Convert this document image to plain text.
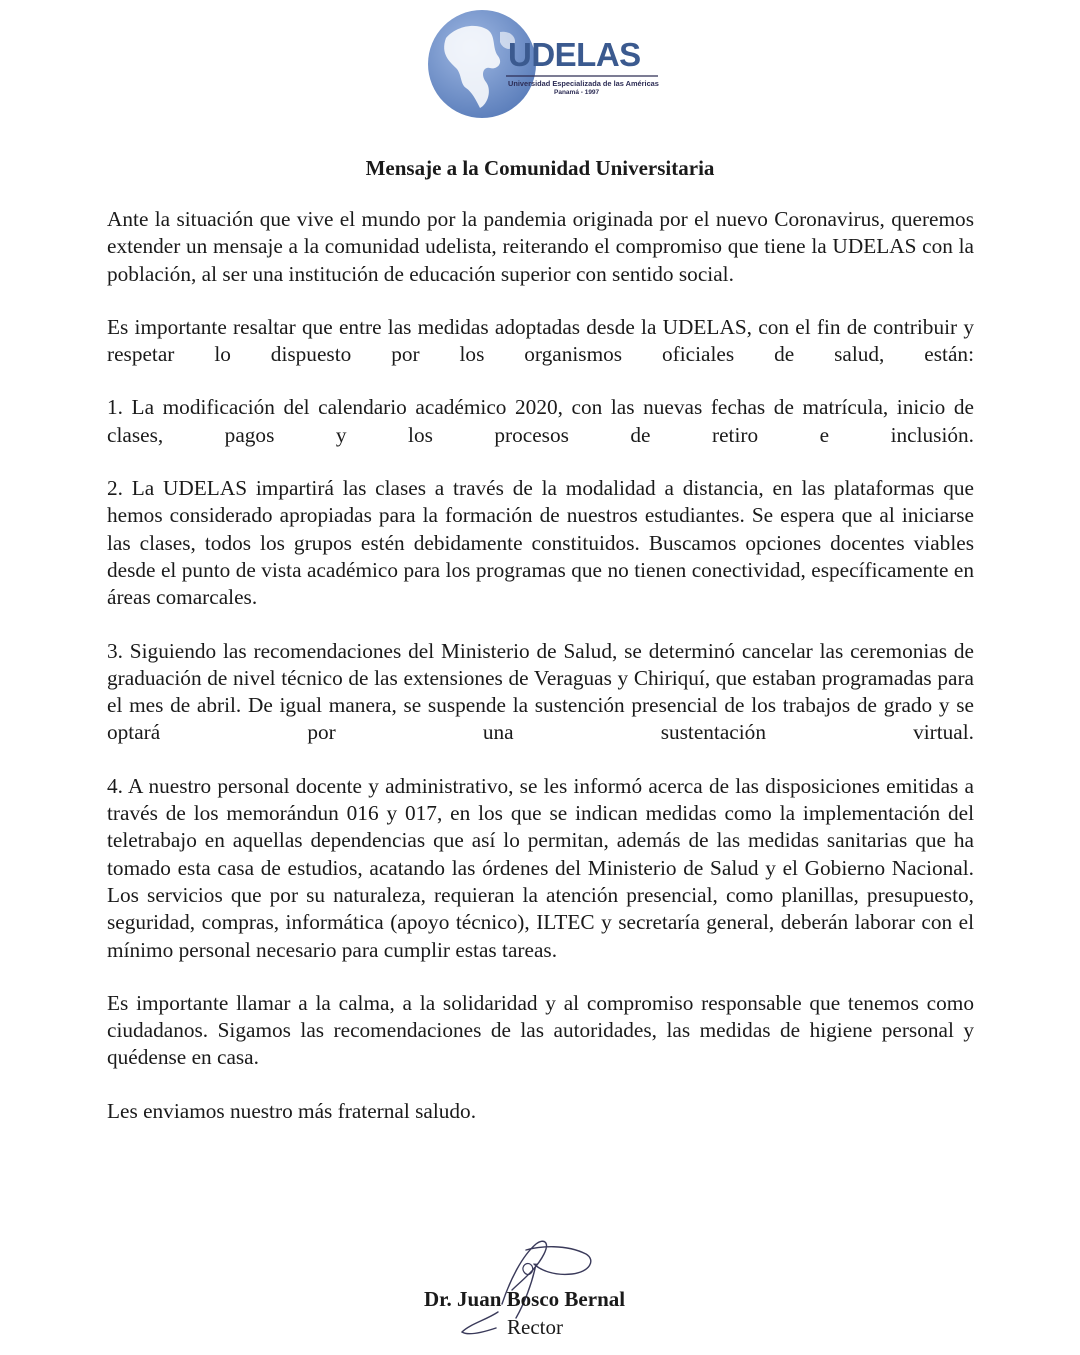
UDELAS
Universidad Especializada de las Américas
Panamá - 1997
Mensaje a la Comunidad Universitaria

Ante la situación que vive el mundo por la pandemia originada por el nuevo Coronavirus, queremos extender un mensaje a la comunidad udelista, reiterando el compromiso que tiene la UDELAS con la población, al ser una institución de educación superior con sentido social.

Es importante resaltar que entre las medidas adoptadas desde la UDELAS, con el fin de contribuir y respetar lo dispuesto por los organismos oficiales de salud, están:

1. La modificación del calendario académico 2020, con las nuevas fechas de matrícula, inicio de clases, pagos y los procesos de retiro e inclusión.

2. La UDELAS impartirá las clases a través de la modalidad a distancia, en las plataformas que hemos considerado apropiadas para la formación de nuestros estudiantes. Se espera que al iniciarse las clases, todos los grupos estén debidamente constituidos. Buscamos opciones docentes viables desde el punto de vista académico para los programas que no tienen conectividad, específicamente en áreas comarcales.

3. Siguiendo las recomendaciones del Ministerio de Salud, se determinó cancelar las ceremonias de graduación de nivel técnico de las extensiones de Veraguas y Chiriquí, que estaban programadas para el mes de abril. De igual manera, se suspende la sustención presencial de los trabajos de grado y se optará por una sustentación virtual.

4. A nuestro personal docente y administrativo, se les informó acerca de las disposiciones emitidas a través de los memorándun 016 y 017, en los que se indican medidas como la implementación del teletrabajo en aquellas dependencias que así lo permitan, además de las medidas sanitarias que ha tomado esta casa de estudios, acatando las órdenes del Ministerio de Salud y el Gobierno Nacional. Los servicios que por su naturaleza, requieran la atención presencial, como planillas, presupuesto, seguridad, compras, informática (apoyo técnico), ILTEC y secretaría general, deberán laborar con el mínimo personal necesario para cumplir estas tareas.

Es importante llamar a la calma, a la solidaridad y al compromiso responsable que tenemos como ciudadanos. Sigamos las recomendaciones de las autoridades, las medidas de higiene personal y quédense en casa.

Les enviamos nuestro más fraternal saludo.

Dr. Juan Bosco Bernal
Rector
